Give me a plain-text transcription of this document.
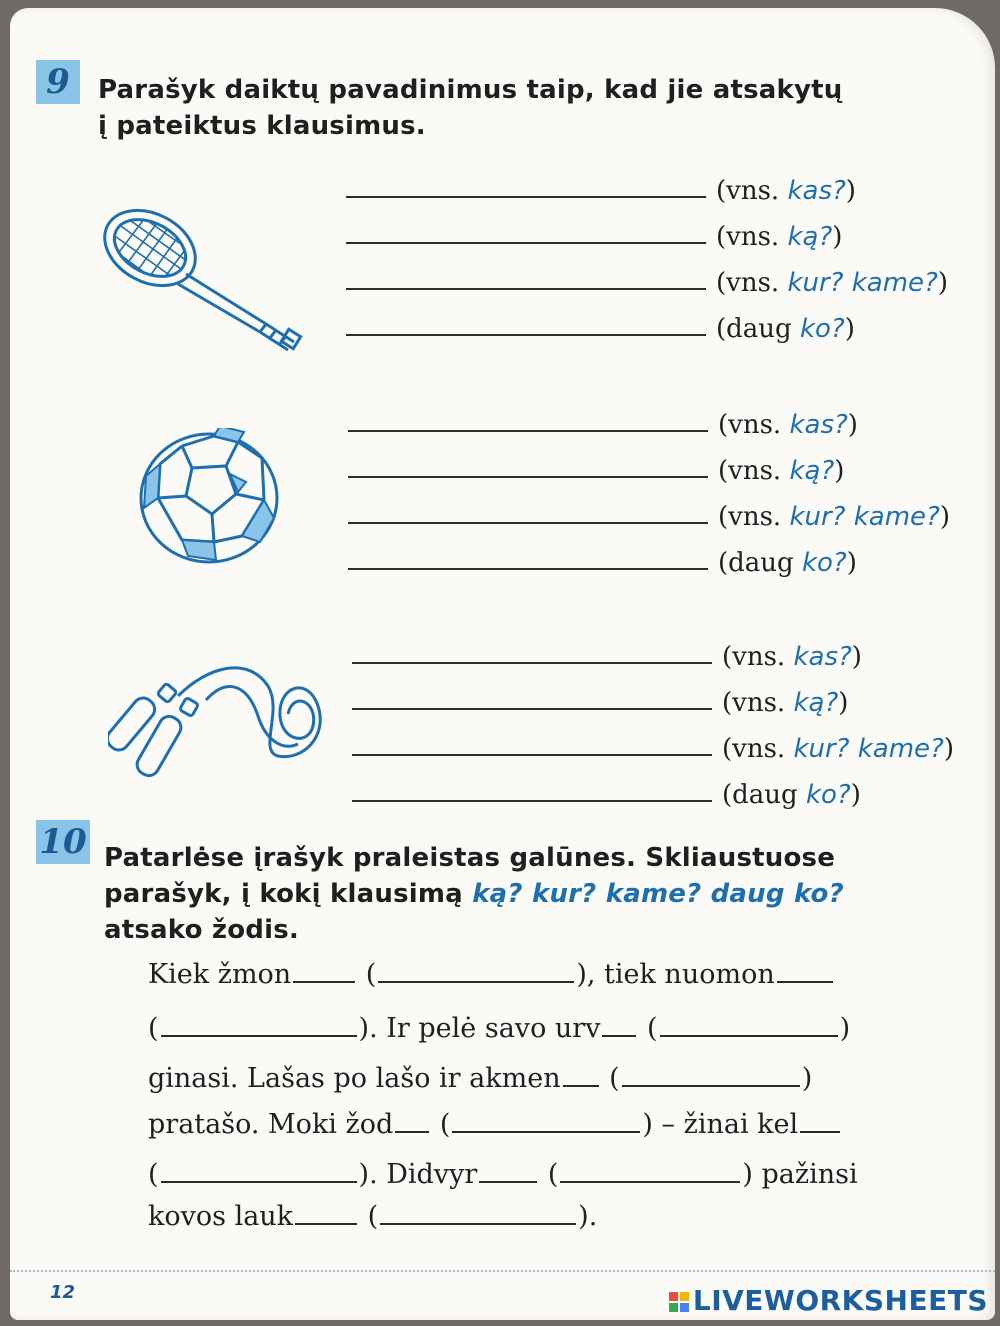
9	Parašyk daiktų pavadinimus taip, kad jie atsakytų
į pateiktus klausimus.
(vns. kas?)
(vns. ką?)
(vns. kur? kame?)
(daug ko?)
(vns. kas?)
(vns. ką?)
(vns. kur? kame?)
(daug ko?)
(vns. kas?)
(vns. ką?)
(vns. kur? kame?)
(daug ko?)
10 Patarlėse įrašyk praleistas galūnes. Skliaustuose
parašyk, į kokį klausimą ką? kur? kame? daug ko?
atsako žodis.
Kiek žmon (	), tiek nuomon
(	). Ir pelė savo urv (	)
ginasi. Lašas po lašo ir akmen (	)
pratašo. Moki žod (	) – žinai kel
(	). Didvyr (	) pažinsi
kovos lauk (	).
12	LIVEWORKSHEETS
